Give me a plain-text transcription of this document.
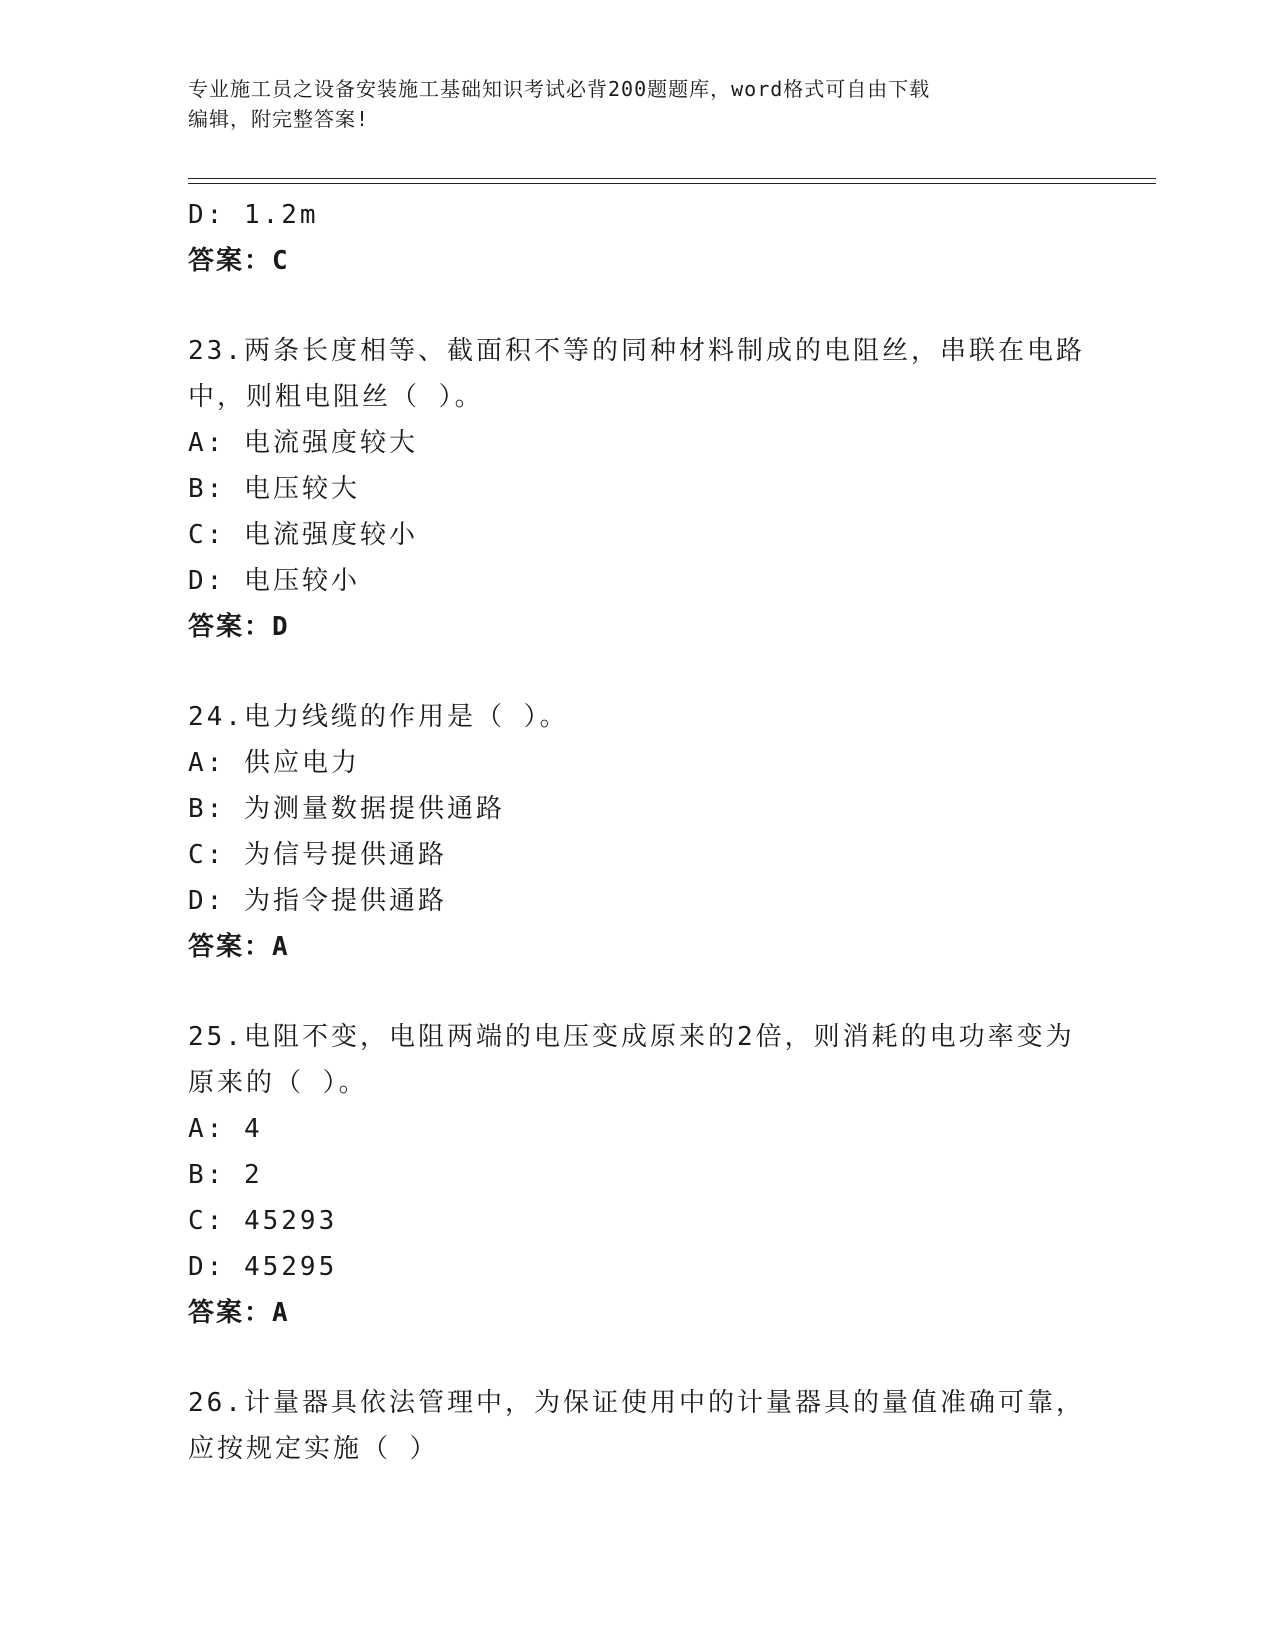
专业施工员之设备安装施工基础知识考试必背200题题库，word格式可自由下载
编辑，附完整答案!
D: 1.2m
答案：C
23.两条长度相等、截面积不等的同种材料制成的电阻丝，串联在电路
中，则粗电阻丝（ ）。
A: 电流强度较大
B: 电压较大
C: 电流强度较小
D: 电压较小
答案：D
24.电力线缆的作用是（ ）。
A: 供应电力
B: 为测量数据提供通路
C: 为信号提供通路
D: 为指令提供通路
答案：A
25.电阻不变，电阻两端的电压变成原来的2倍，则消耗的电功率变为
原来的（ ）。
A: 4
B: 2
C: 45293
D: 45295
答案：A
26.计量器具依法管理中，为保证使用中的计量器具的量值准确可靠，
应按规定实施（ ）
